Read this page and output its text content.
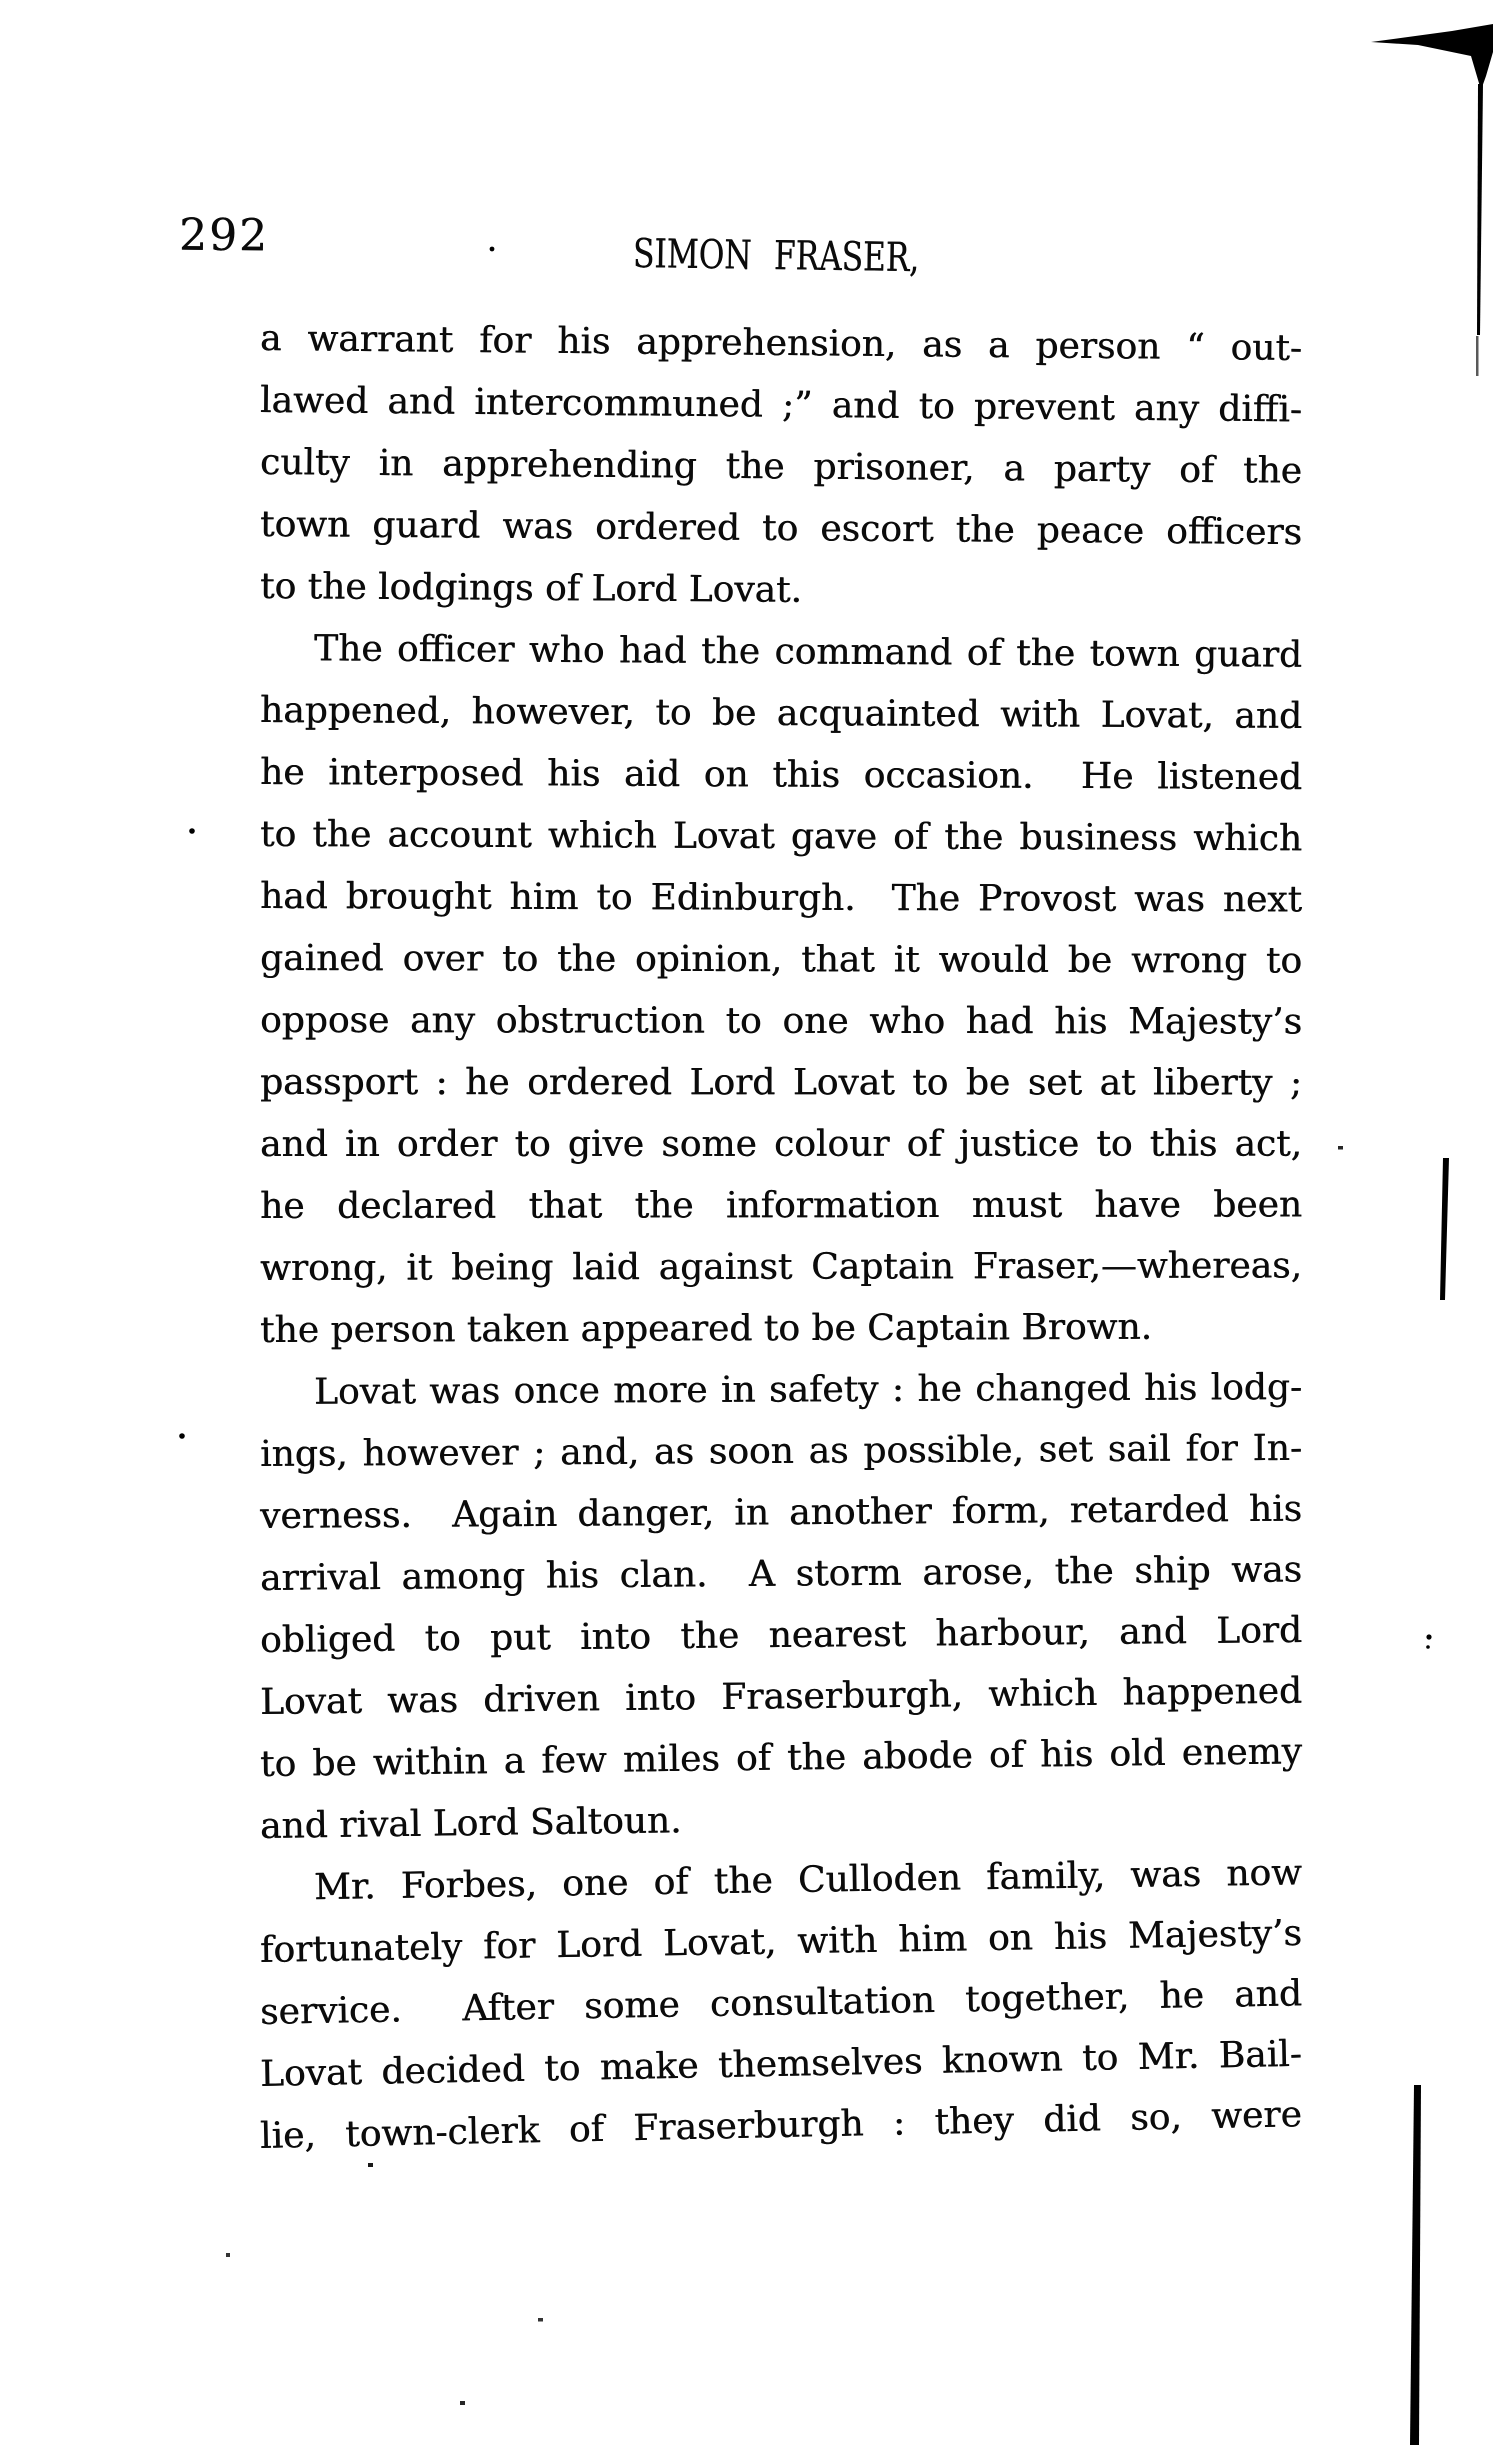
292	SIMON FRASER,
a warrant for his apprehension, as a person “ out-
lawed and intercommuned ;” and to prevent any diffi-
culty in apprehending the prisoner, a party of the
town guard was ordered to escort the peace officers
to the lodgings of Lord Lovat.
The officer who had the command of the town guard
happened, however, to be acquainted with Lovat, and
he interposed his aid on this occasion.  He listened
to the account which Lovat gave of the business which
had brought him to Edinburgh.  The Provost was next
gained over to the opinion, that it would be wrong to
oppose any obstruction to one who had his Majesty’s
passport : he ordered Lord Lovat to be set at liberty ;
and in order to give some colour of justice to this act,
he declared that the information must have been
wrong, it being laid against Captain Fraser,—whereas,
the person taken appeared to be Captain Brown.
Lovat was once more in safety : he changed his lodg-
ings, however ; and, as soon as possible, set sail for In-
verness.  Again danger, in another form, retarded his
arrival among his clan.  A storm arose, the ship was
obliged to put into the nearest harbour, and Lord
Lovat was driven into Fraserburgh, which happened
to be within a few miles of the abode of his old enemy
and rival Lord Saltoun.
Mr. Forbes, one of the Culloden family, was now
fortunately for Lord Lovat, with him on his Majesty’s
service.  After some consultation together, he and
Lovat decided to make themselves known to Mr. Bail-
lie, town-clerk of Fraserburgh : they did so, were
